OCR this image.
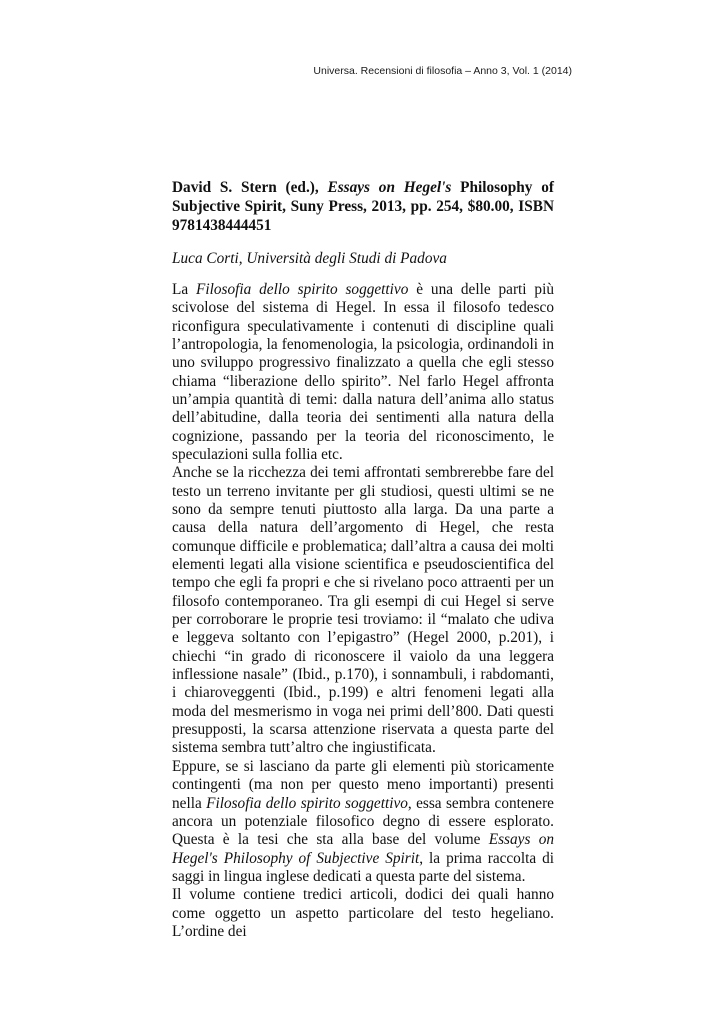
Universa. Recensioni di filosofia – Anno 3, Vol. 1 (2014)
David S. Stern (ed.), Essays on Hegel's Philosophy of Subjective Spirit, Suny Press, 2013, pp. 254, $80.00, ISBN 9781438444451

Luca Corti, Università degli Studi di Padova

La Filosofia dello spirito soggettivo è una delle parti più scivolose del sistema di Hegel. In essa il filosofo tedesco riconfigura speculativamente i contenuti di discipline quali l’antropologia, la fenomenologia, la psicologia, ordinandoli in uno sviluppo progressivo finalizzato a quella che egli stesso chiama “liberazione dello spirito”. Nel farlo Hegel affronta un’ampia quantità di temi: dalla natura dell’anima allo status dell’abitudine, dalla teoria dei sentimenti alla natura della cognizione, passando per la teoria del riconoscimento, le speculazioni sulla follia etc.

Anche se la ricchezza dei temi affrontati sembrerebbe fare del testo un terreno invitante per gli studiosi, questi ultimi se ne sono da sempre tenuti piuttosto alla larga. Da una parte a causa della natura dell’argomento di Hegel, che resta comunque difficile e problematica; dall’altra a causa dei molti elementi legati alla visione scientifica e pseudoscientifica del tempo che egli fa propri e che si rivelano poco attraenti per un filosofo contemporaneo. Tra gli esempi di cui Hegel si serve per corroborare le proprie tesi troviamo: il “malato che udiva e leggeva soltanto con l’epigastro” (Hegel 2000, p.201), i chiechi “in grado di riconoscere il vaiolo da una leggera inflessione nasale” (Ibid., p.170), i sonnambuli, i rabdomanti, i chiaroveggenti (Ibid., p.199) e altri fenomeni legati alla moda del mesmerismo in voga nei primi dell’800. Dati questi presupposti, la scarsa attenzione riservata a questa parte del sistema sembra tutt’altro che ingiustificata.

Eppure, se si lasciano da parte gli elementi più storicamente contingenti (ma non per questo meno importanti) presenti nella Filosofia dello spirito soggettivo, essa sembra contenere ancora un potenziale filosofico degno di essere esplorato. Questa è la tesi che sta alla base del volume Essays on Hegel's Philosophy of Subjective Spirit, la prima raccolta di saggi in lingua inglese dedicati a questa parte del sistema.

Il volume contiene tredici articoli, dodici dei quali hanno come oggetto un aspetto particolare del testo hegeliano. L’ordine dei
